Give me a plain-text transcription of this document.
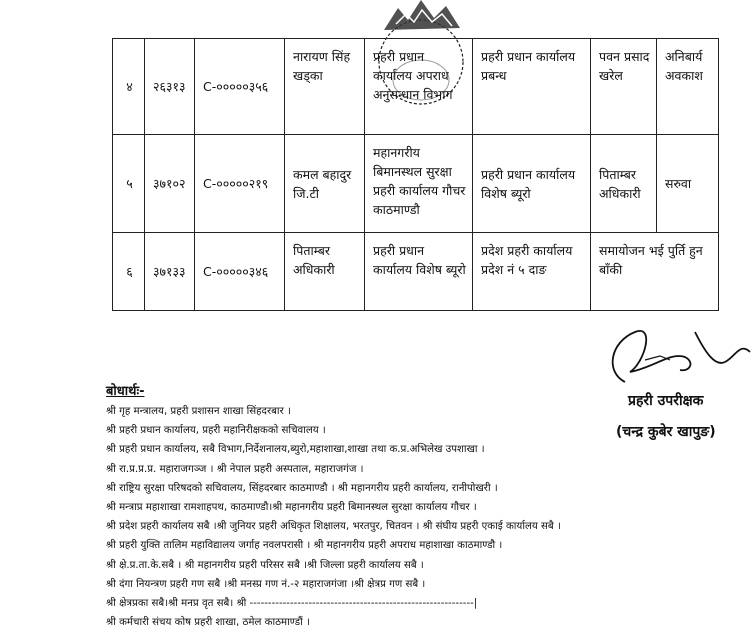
४	२६३१३	C-०००००३५६	नारायण सिंह खड्का	प्रहरी प्रधान कार्यालय अपराध अनुसन्धान विभाग	प्रहरी प्रधान कार्यालय प्रबन्ध	पवन प्रसाद खरेल	अनिबार्य अवकाश
५	३७१०२	C-०००००२१९	कमल बहादुर जि.टी	महानगरीय बिमानस्थल सुरक्षा प्रहरी कार्यालय गौचर काठमाण्डौ	प्रहरी प्रधान कार्यालय विशेष ब्यूरो	पिताम्बर अधिकारी	सरुवा
६	३७१३३	C-०००००३४६	पिताम्बर अधिकारी	प्रहरी प्रधान कार्यालय विशेष ब्यूरो	प्रदेश प्रहरी कार्यालय प्रदेश नं ५ दाङ	समायोजन भई पुर्ति हुन बाँकी	
प्रहरी उपरीक्षक
(चन्द्र कुबेर खापुङ)
बोधार्थः-
श्री गृह मन्त्रालय, प्रहरी प्रशासन शाखा सिंहदरबार ।
श्री प्रहरी प्रधान कार्यालय, प्रहरी महानिरीक्षकको सचिवालय ।
श्री प्रहरी प्रधान कार्यालय, सबै विभाग,निर्देशनालय,ब्युरो,महाशाखा,शाखा तथा क.प्र.अभिलेख उपशाखा ।
श्री रा.प्र.प्र.प्र. महाराजगञ्ज । श्री नेपाल प्रहरी अस्पताल, महाराजगंज ।
श्री राष्ट्रिय सुरक्षा परिषदको सचिवालय, सिंहदरबार काठमाण्डौ । श्री महानगरीय प्रहरी कार्यालय, रानीपोखरी ।
श्री मन्त्राप्र महाशाखा रामशाहपथ, काठमाण्डौ।श्री महानगरीय प्रहरी बिमानस्थल सुरक्षा कार्यालय गौचर ।
श्री प्रदेश प्रहरी कार्यालय सबै ।श्री जुनियर प्रहरी अधिकृत शिक्षालय, भरतपुर, चितवन । श्री संघीय प्रहरी एकाई कार्यालय सबै ।
श्री प्रहरी युक्ति तालिम महाविद्यालय जर्गाह नवलपरासी । श्री महानगरीय प्रहरी अपराध महाशाखा काठमाण्डौ ।
श्री क्षे.प्र.ता.के.सबै । श्री महानगरीय प्रहरी परिसर सबै ।श्री जिल्ला प्रहरी कार्यालय सबै ।
श्री दंगा नियन्त्रण प्रहरी गण सबै ।श्री मनस्प्र गण नं.-२ महाराजगंजा ।श्री क्षेत्रप्र गण सबै ।
श्री क्षेत्रप्रका सबै।श्री मनप्र वृत सबै। श्री -------------------------------------------------------------|
श्री कर्मचारी संचय कोष प्रहरी शाखा, ठमेल काठमाण्डौं ।
